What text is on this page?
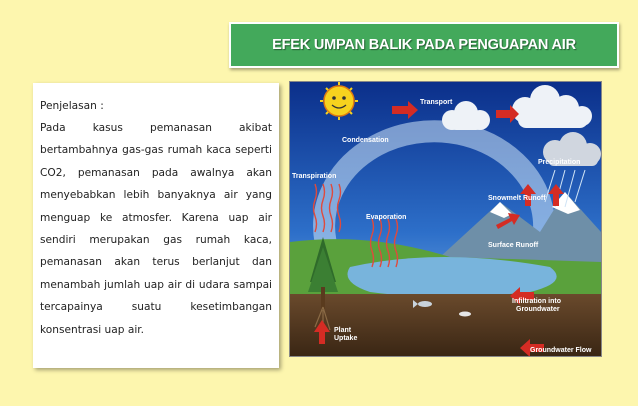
EFEK UMPAN BALIK PADA PENGUAPAN AIR

Penjelasan :

Pada kasus pemanasan akibat bertambahnya gas-gas rumah kaca seperti CO2, pemanasan pada awalnya akan menyebabkan lebih banyaknya air yang menguap ke atmosfer. Karena uap air sendiri merupakan gas rumah kaca, pemanasan akan terus berlanjut dan menambah jumlah uap air di udara sampai tercapainya suatu kesetimbangan konsentrasi uap air.

Transport
Condensation
Precipitation
Transpiration
Evaporation
Snowmelt Runoff
Surface Runoff
Infiltration into
Groundwater
Plant
Uptake
Groundwater Flow
